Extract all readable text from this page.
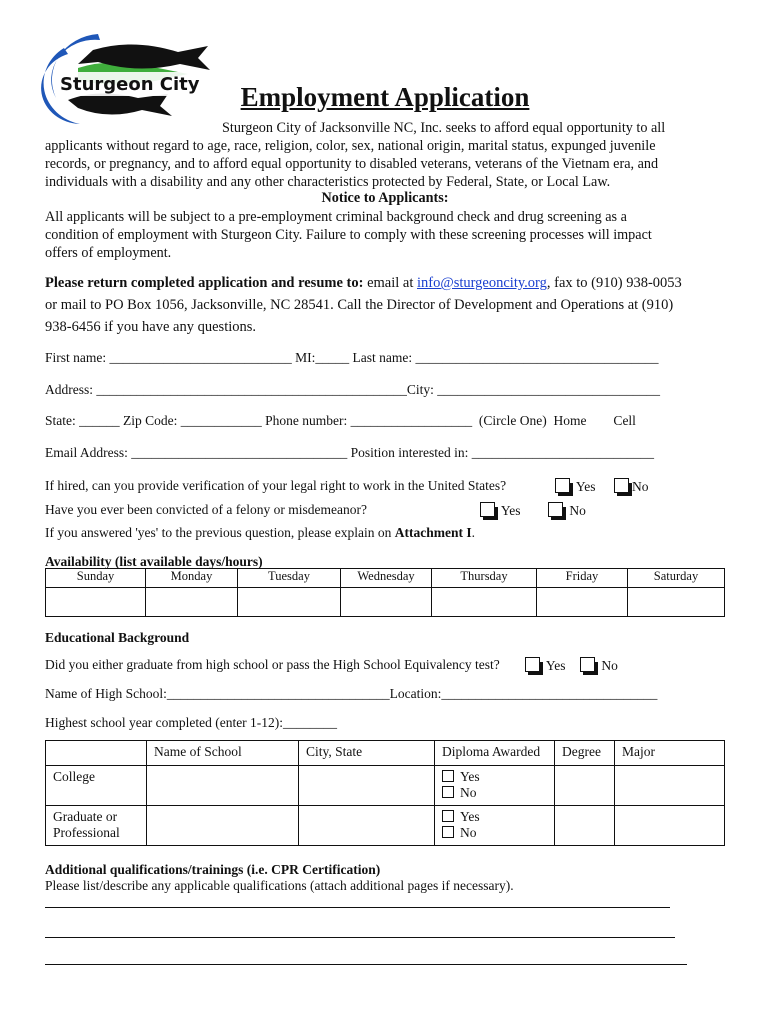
Sturgeon City	Employment Application
Sturgeon City of Jacksonville NC, Inc. seeks to afford equal opportunity to all
applicants without regard to age, race, religion, color, sex, national origin, marital status, expunged juvenile
records, or pregnancy, and to afford equal opportunity to disabled veterans, veterans of the Vietnam era, and
individuals with a disability and any other characteristics protected by Federal, State, or Local Law.
Notice to Applicants:
All applicants will be subject to a pre-employment criminal background check and drug screening as a
condition of employment with Sturgeon City. Failure to comply with these screening processes will impact
offers of employment.
Please return completed application and resume to: email at info@sturgeoncity.org, fax to (910) 938-0053
or mail to PO Box 1056, Jacksonville, NC 28541. Call the Director of Development and Operations at (910)
938-6456 if you have any questions.
First name: ___________________________ MI:_____ Last name: ____________________________________
Address: ______________________________________________City: _________________________________
State: ______ Zip Code: ____________ Phone number: __________________  (Circle One)  Home        Cell
Email Address: ________________________________ Position interested in: ___________________________
If hired, can you provide verification of your legal right to work in the United States?	Yes	No
Have you ever been convicted of a felony or misdemeanor?	Yes	No
If you answered 'yes' to the previous question, please explain on Attachment I.
Availability (list available days/hours)
Sunday	Monday	Tuesday	Wednesday	Thursday	Friday	Saturday

Educational Background
Did you either graduate from high school or pass the High School Equivalency test?	Yes	No
Name of High School:_________________________________Location:________________________________
Highest school year completed (enter 1-12):________
	Name of School	City, State	Diploma Awarded	Degree	Major
College			Yes
No		

Graduate or Professional			Yes
No		

Additional qualifications/trainings (i.e. CPR Certification)
Please list/describe any applicable qualifications (attach additional pages if necessary).
